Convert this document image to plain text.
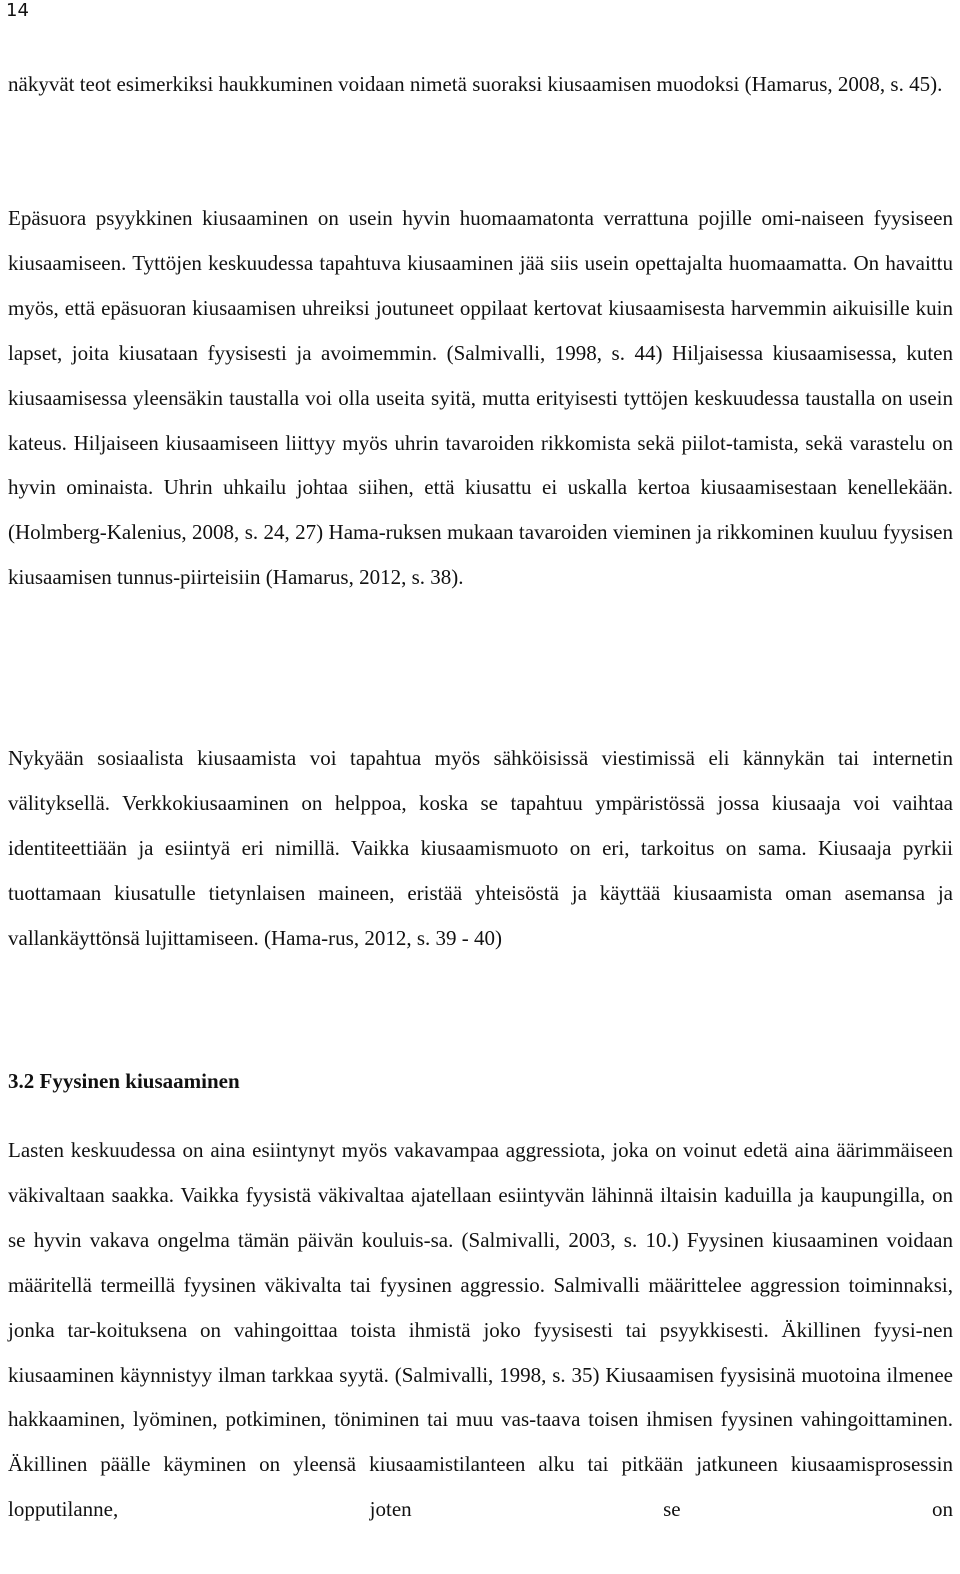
14

näkyvät teot esimerkiksi haukkuminen voidaan nimetä suoraksi kiusaamisen muodoksi (Hamarus, 2008, s. 45).

Epäsuora psyykkinen kiusaaminen on usein hyvin huomaamatonta verrattuna pojille omi-naiseen fyysiseen kiusaamiseen. Tyttöjen keskuudessa tapahtuva kiusaaminen jää siis usein opettajalta huomaamatta. On havaittu myös, että epäsuoran kiusaamisen uhreiksi joutuneet oppilaat kertovat kiusaamisesta harvemmin aikuisille kuin lapset, joita kiusataan fyysisesti ja avoimemmin. (Salmivalli, 1998, s. 44) Hiljaisessa kiusaamisessa, kuten kiusaamisessa yleensäkin taustalla voi olla useita syitä, mutta erityisesti tyttöjen keskuudessa taustalla on usein kateus. Hiljaiseen kiusaamiseen liittyy myös uhrin tavaroiden rikkomista sekä piilot-tamista, sekä varastelu on hyvin ominaista. Uhrin uhkailu johtaa siihen, että kiusattu ei uskalla kertoa kiusaamisestaan kenellekään. (Holmberg-Kalenius, 2008, s. 24, 27) Hama-ruksen mukaan tavaroiden vieminen ja rikkominen kuuluu fyysisen kiusaamisen tunnus-piirteisiin (Hamarus, 2012, s. 38).

Nykyään sosiaalista kiusaamista voi tapahtua myös sähköisissä viestimissä eli kännykän tai internetin välityksellä. Verkkokiusaaminen on helppoa, koska se tapahtuu ympäristössä jossa kiusaaja voi vaihtaa identiteettiään ja esiintyä eri nimillä. Vaikka kiusaamismuoto on eri, tarkoitus on sama. Kiusaaja pyrkii tuottamaan kiusatulle tietynlaisen maineen, eristää yhteisöstä ja käyttää kiusaamista oman asemansa ja vallankäyttönsä lujittamiseen. (Hama-rus, 2012, s. 39 - 40)

3.2 Fyysinen kiusaaminen

Lasten keskuudessa on aina esiintynyt myös vakavampaa aggressiota, joka on voinut edetä aina äärimmäiseen väkivaltaan saakka. Vaikka fyysistä väkivaltaa ajatellaan esiintyvän lähinnä iltaisin kaduilla ja kaupungilla, on se hyvin vakava ongelma tämän päivän kouluis-sa. (Salmivalli, 2003, s. 10.) Fyysinen kiusaaminen voidaan määritellä termeillä fyysinen väkivalta tai fyysinen aggressio. Salmivalli määrittelee aggression toiminnaksi, jonka tar-koituksena on vahingoittaa toista ihmistä joko fyysisesti tai psyykkisesti. Äkillinen fyysi-nen kiusaaminen käynnistyy ilman tarkkaa syytä. (Salmivalli, 1998, s. 35) Kiusaamisen fyysisinä muotoina ilmenee hakkaaminen, lyöminen, potkiminen, töniminen tai muu vas-taava toisen ihmisen fyysinen vahingoittaminen. Äkillinen päälle käyminen on yleensä kiusaamistilanteen alku tai pitkään jatkuneen kiusaamisprosessin lopputilanne, joten se on
